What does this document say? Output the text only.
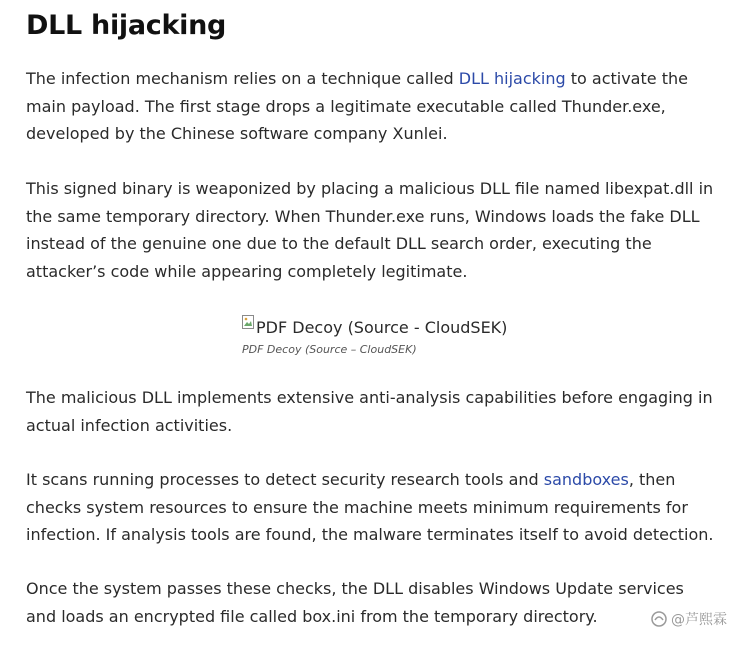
DLL hijacking

The infection mechanism relies on a technique called DLL hijacking to activate the main payload. The first stage drops a legitimate executable called Thunder.exe, developed by the Chinese software company Xunlei.

This signed binary is weaponized by placing a malicious DLL file named libexpat.dll in the same temporary directory. When Thunder.exe runs, Windows loads the fake DLL instead of the genuine one due to the default DLL search order, executing the attacker’s code while appearing completely legitimate.

PDF Decoy (Source - CloudSEK)
PDF Decoy (Source – CloudSEK)

The malicious DLL implements extensive anti-analysis capabilities before engaging in actual infection activities.

It scans running processes to detect security research tools and sandboxes, then checks system resources to ensure the machine meets minimum requirements for infection. If analysis tools are found, the malware terminates itself to avoid detection.

Once the system passes these checks, the DLL disables Windows Update services and loads an encrypted file called box.ini from the temporary directory.	@芦熙霖
